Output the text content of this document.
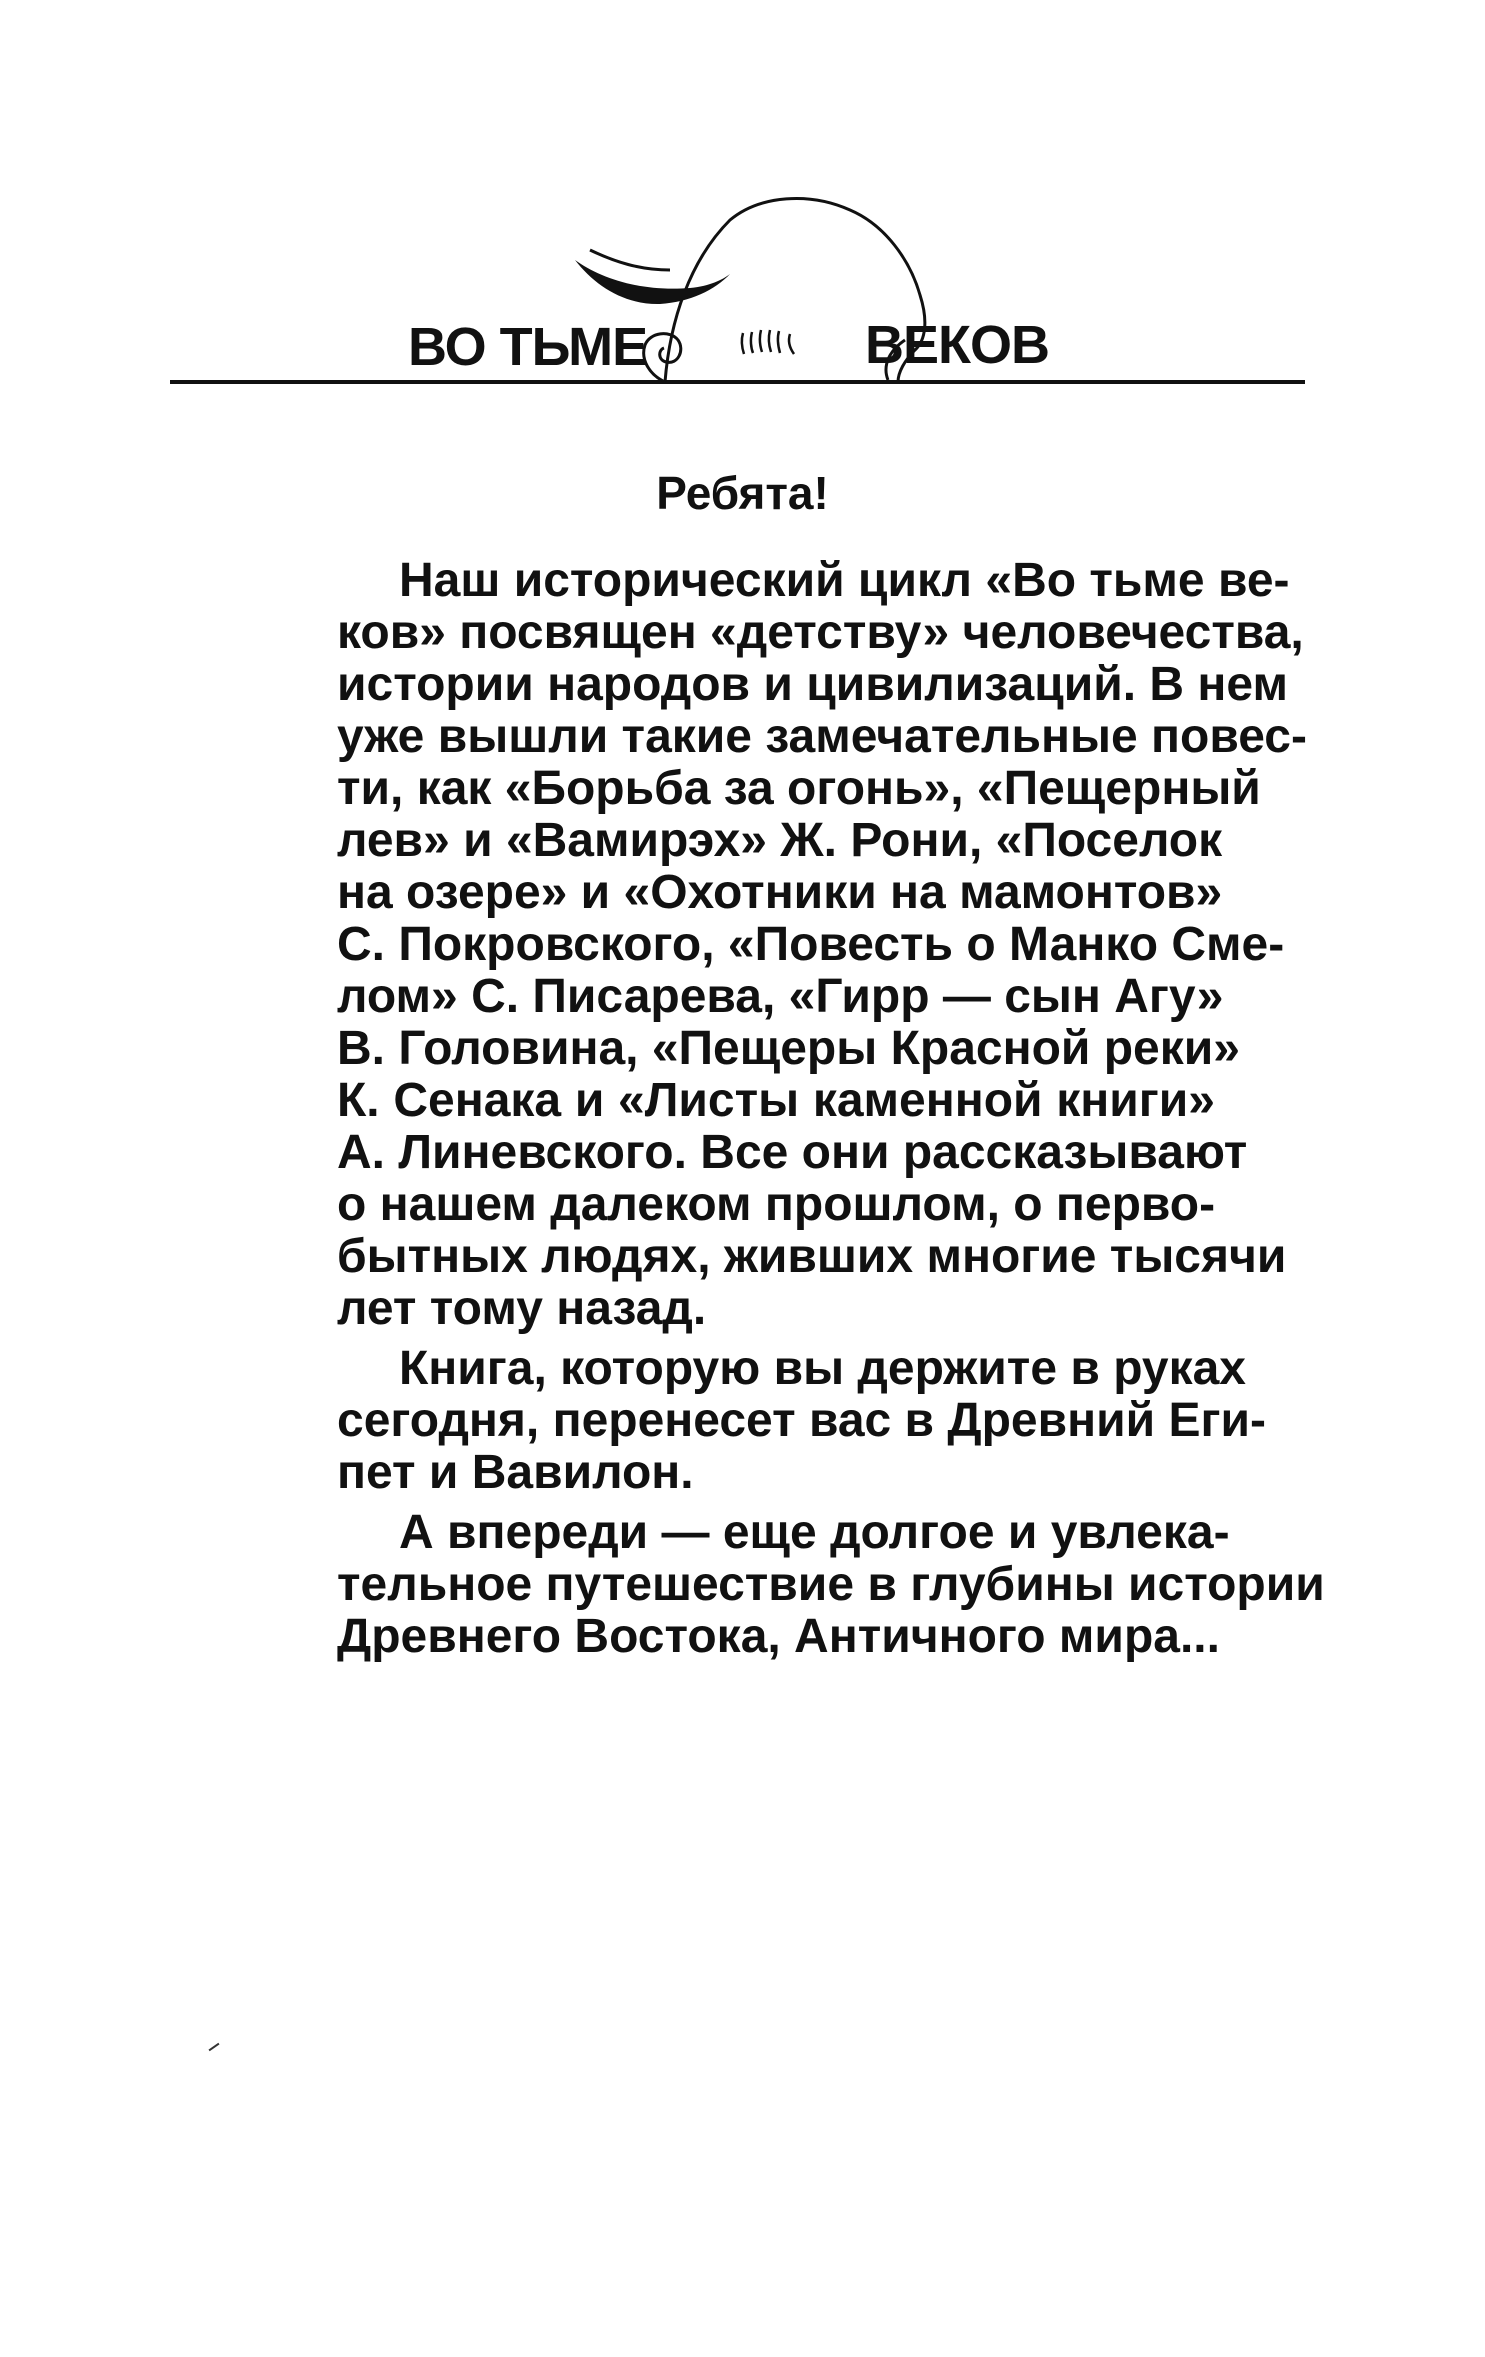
ВО ТЬМЕ	ВЕКОВ
Ребята!

Наш исторический цикл «Во тьме ве-
ков» посвящен «детству» человечества,
истории народов и цивилизаций. В нем
уже вышли такие замечательные повес-
ти, как «Борьба за огонь», «Пещерный
лев» и «Вамирэх» Ж. Рони, «Поселок
на озере» и «Охотники на мамонтов»
С. Покровского, «Повесть о Манко Сме-
лом» С. Писарева, «Гирр — сын Агу»
В. Головина, «Пещеры Красной реки»
К. Сенака и «Листы каменной книги»
А. Линевского. Все они рассказывают
о нашем далеком прошлом, о перво-
бытных людях, живших многие тысячи
лет тому назад.

Книга, которую вы держите в руках
сегодня, перенесет вас в Древний Еги-
пет и Вавилон.

А впереди — еще долгое и увлека-
тельное путешествие в глубины истории
Древнего Востока, Античного мира...
